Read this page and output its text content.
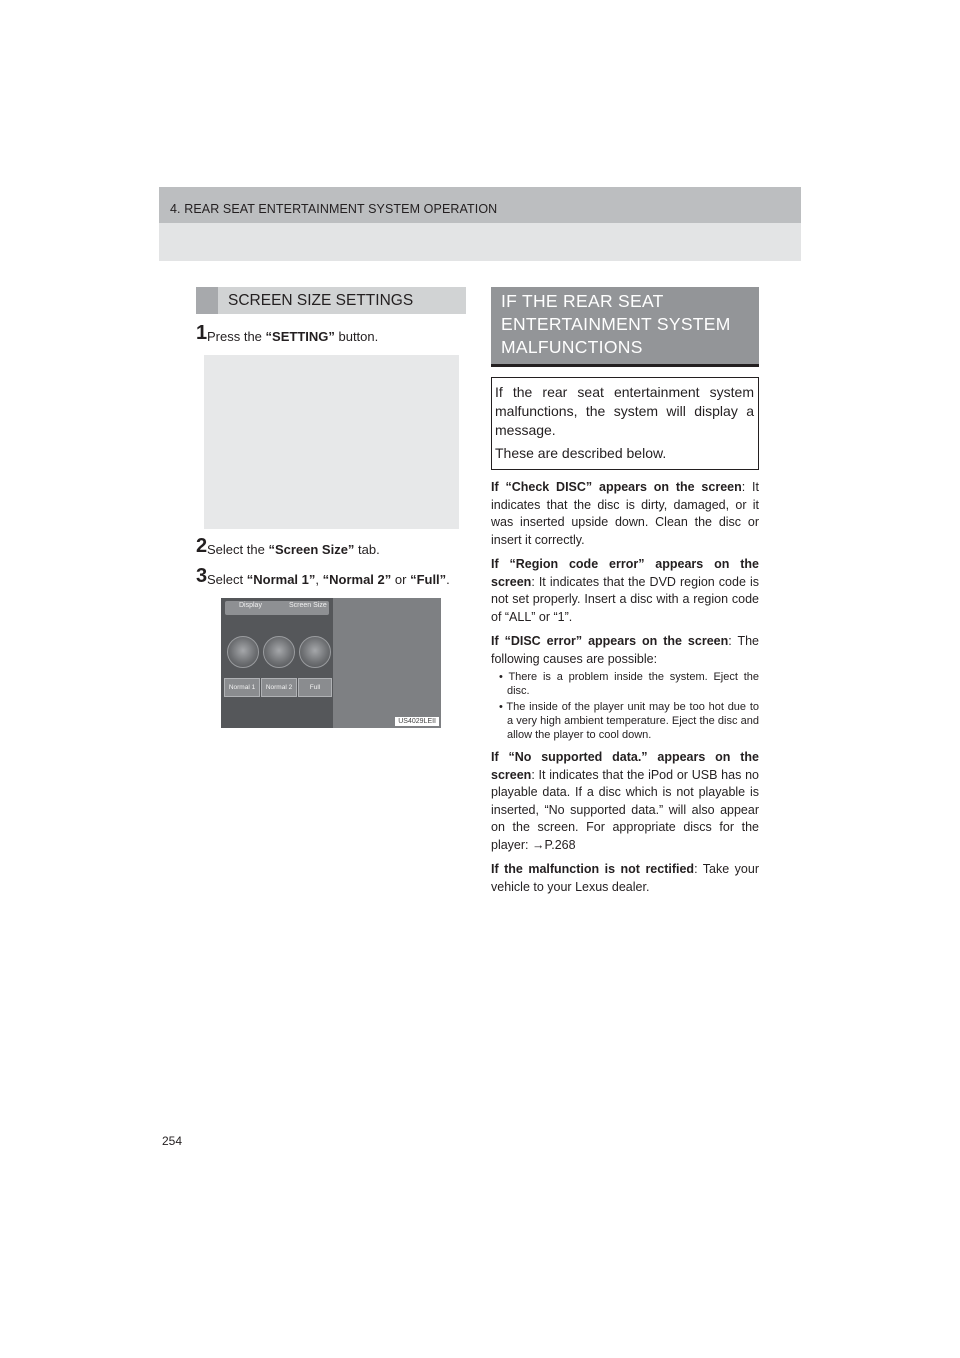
4. REAR SEAT ENTERTAINMENT SYSTEM OPERATION
SCREEN SIZE SETTINGS
1 Press the “SETTING” button.
2 Select the “Screen Size” tab.
3 Select “Normal 1”, “Normal 2” or “Full”.
Display	Screen Size
Normal 1	Normal 2	Full
US4029LEII
IF THE REAR SEAT
ENTERTAINMENT SYSTEM
MALFUNCTIONS

If the rear seat entertainment system malfunctions, the system will display a message.

These are described below.

If “Check DISC” appears on the screen: It indicates that the disc is dirty, damaged, or it was inserted upside down. Clean the disc or insert it correctly.
If “Region code error” appears on the screen: It indicates that the DVD region code is not set properly. Insert a disc with a region code of “ALL” or “1”.
If “DISC error” appears on the screen: The following causes are possible:
• There is a problem inside the system. Eject the disc.
• The inside of the player unit may be too hot due to a very high ambient temperature. Eject the disc and allow the player to cool down.
If “No supported data.” appears on the screen: It indicates that the iPod or USB has no playable data. If a disc which is not playable is inserted, “No supported data.” will also appear on the screen. For appropriate discs for the player: →P.268
If the malfunction is not rectified: Take your vehicle to your Lexus dealer.
254
